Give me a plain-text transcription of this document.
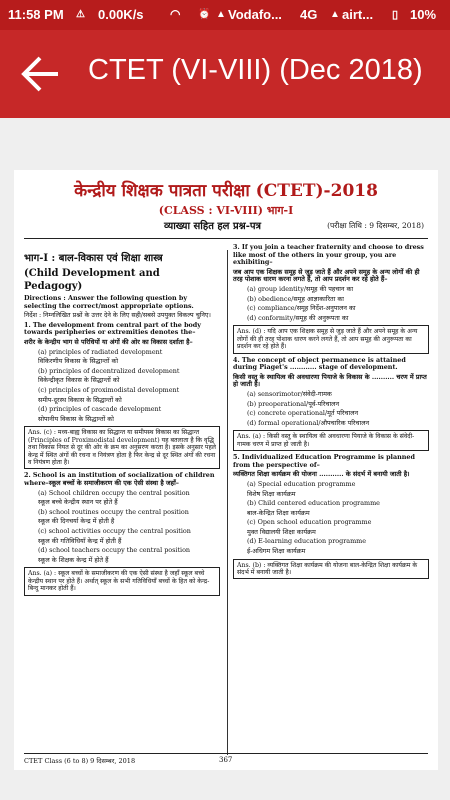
11:58 PM ⚠ 0.00K/s ◠ ⏰ ▲ Vodafo... 4G ▲ airt... ▯ 10%
CTET (VI-VIII) (Dec 2018)
केन्द्रीय शिक्षक पात्रता परीक्षा (CTET)-2018
(CLASS : VI-VIII) भाग-I
व्याख्या सहित हल प्रश्न-पत्र	(परीक्षा तिथि : 9 दिसम्बर, 2018)

भाग-I : बाल-विकास एवं शिक्षा शास्त्र

(Child Development and Pedagogy)

Directions : Answer the following question by selecting the correct/most appropriate options.

निर्देश : निम्नलिखित प्रश्नों के उत्तर देने के लिए सही/सबसे उपयुक्त विकल्प चुनिए।

1. The development from central part of the body towards peripheries or extremities denotes the–

शरीर के केन्द्रीय भाग से परिधियों या अंगों की ओर का विकास दर्शाता है–

(a) principles of radiated development

विकिरणीय विकास के सिद्धान्तों को

(b) principles of decentralized development

विकेन्द्रीकृत विकास के सिद्धान्तों को

(c) principles of proximodistal development

समीप-दूरस्थ विकास के सिद्धान्तों को

(d) principles of cascade development

सोपानीय विकास के सिद्धान्तों को

Ans. (c) : मध्य-बाह्य विकास का सिद्धान्त या समीपस्थ विकास का सिद्धान्त (Principles of Proximodistal development) यह बतलाता है कि वृद्धि तथा विकास नियत से दूर की ओर के क्रम का अनुसरण करता है। इसके अनुसार पहले केन्द्र में स्थित अंगों की रचना व नियंत्रण होता है फिर केन्द्र से दूर स्थित अंगों की रचना व नियंत्रण होता है।

2. School is an institution of socialization of children where–स्कूल बच्चों के समाजीकरण की एक ऐसी संस्था है जहाँ–

(a) School children occupy the central position

स्कूल बच्चे केन्द्रीय स्थान पर होते हैं

(b) school routines occupy the central position

स्कूल की दिनचर्या केन्द्र में होती है

(c) school activities occupy the central position

स्कूल की गतिविधियाँ केन्द्र में होती हैं

(d) school teachers occupy the central position

स्कूल के शिक्षक केन्द्र में होते हैं

Ans. (a) : स्कूल बच्चों के समाजीकरण की एक ऐसी संस्था है जहाँ स्कूल बच्चे केन्द्रीय स्थान पर होते हैं। अर्थात् स्कूल के सभी गतिविधियाँ बच्चों के हित को केन्द्र-बिन्दु मानकर होती हैं।

3. If you join a teacher fraternity and choose to dress like most of the others in your group, you are exhibiting–

जब आप एक शिक्षक समूह से जुड़ जाते हैं और अपने समूह के अन्य लोगों की ही तरह पोशाक धारण करना लगते हैं, तो आप प्रदर्शन कर रहे होते हैं–

(a) group identity/समूह की पहचान का

(b) obedience/समूह आज्ञाकारिता का

(c) compliance/समूह निर्देश-अनुपालन का

(d) conformity/समूह की अनुरूपता का

Ans. (d) : यदि आप एक शिक्षक समूह से जुड़ जाते हैं और अपने समूह के अन्य लोगों की ही तरह पोशाक धारण करने लगते हैं, तो आप समूह की अनुरूपता का प्रदर्शन कर रहे होते हैं।

4. The concept of object permanence is attained during Piaget's ............ stage of development.

किसी वस्तु के स्थायित्व की अवधारणा पियाजे के विकास के .......... चरण में प्राप्त हो जाती है।

(a) sensorimotor/संवेदी-गामक

(b) preoperational/पूर्व-परिचालन

(c) concrete operational/मूर्त परिचालन

(d) formal operational/औपचारिक परिचालन

Ans. (a) : किसी वस्तु के स्थायित्व की अवधारणा पियाजे के विकास के संवेदी-गामक चरण में प्राप्त हो जाती है।

5. Individualized Education Programme is planned from the perspective of–

व्यक्तिगत शिक्षा कार्यक्रम की योजना ........... के संदर्भ में बनायी जाती है।

(a) Special education programme

विशेष शिक्षा कार्यक्रम

(b) Child centered education programme

बाल-केन्द्रित शिक्षा कार्यक्रम

(c) Open school education programme

मुक्त विद्यालयी शिक्षा कार्यक्रम

(d) E-learning education programme

ई-अधिगम शिक्षा कार्यक्रम

Ans. (b) : व्यक्तिगत शिक्षा कार्यक्रम की योजना बाल-केन्द्रित शिक्षा कार्यक्रम के संदर्भ में बनायी जाती है।
CTET Class (6 to 8) 9 दिसम्बर, 2018	367
